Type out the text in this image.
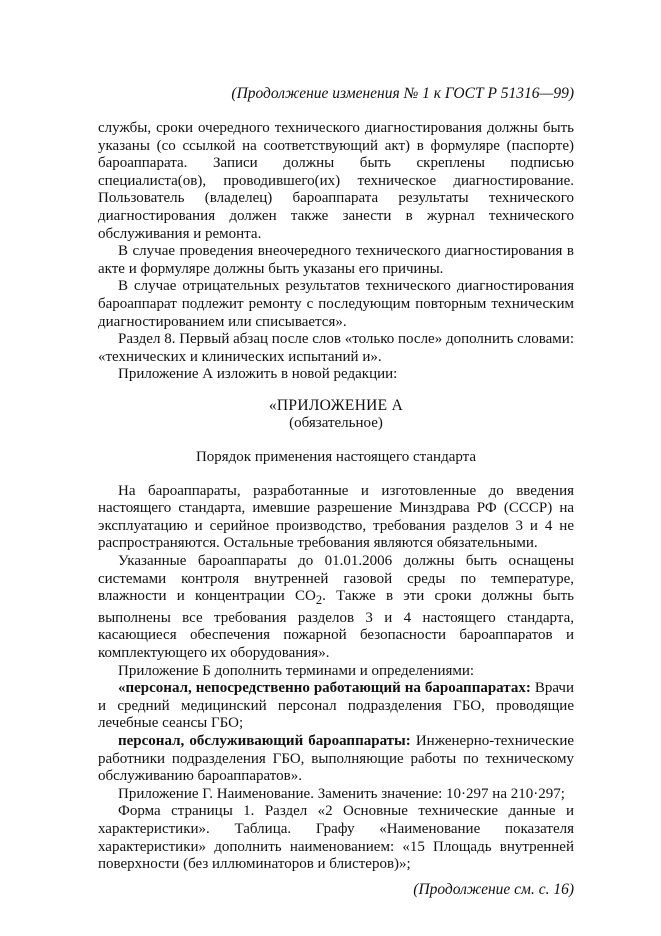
(Продолжение изменения № 1 к ГОСТ Р 51316—99)

службы, сроки очередного технического диагностирования должны быть указаны (со ссылкой на соответствующий акт) в формуляре (паспорте) бароаппарата. Записи должны быть скреплены подписью специалиста(ов), проводившего(их) техническое диагностирование. Пользователь (владелец) бароаппарата результаты технического диагностирования должен также занести в журнал технического обслуживания и ремонта.

В случае проведения внеочередного технического диагностирования в акте и формуляре должны быть указаны его причины.

В случае отрицательных результатов технического диагностирования бароаппарат подлежит ремонту с последующим повторным техническим диагностированием или списывается».

Раздел 8. Первый абзац после слов «только после» дополнить словами: «технических и клинических испытаний и».

Приложение А изложить в новой редакции:

«ПРИЛОЖЕНИЕ А

(обязательное)

Порядок применения настоящего стандарта

На бароаппараты, разработанные и изготовленные до введения настоящего стандарта, имевшие разрешение Минздрава РФ (СССР) на эксплуатацию и серийное производство, требования разделов 3 и 4 не распространяются. Остальные требования являются обязательными.

Указанные бароаппараты до 01.01.2006 должны быть оснащены системами контроля внутренней газовой среды по температуре, влажности и концентрации $СО_2$. Также в эти сроки должны быть выполнены все требования разделов 3 и 4 настоящего стандарта, касающиеся обеспечения пожарной безопасности бароаппаратов и комплектующего их оборудования».

Приложение Б дополнить терминами и определениями:

«персонал, непосредственно работающий на бароаппаратах: Врачи и средний медицинский персонал подразделения ГБО, проводящие лечебные сеансы ГБО;

персонал, обслуживающий бароаппараты: Инженерно-технические работники подразделения ГБО, выполняющие работы по техническому обслуживанию бароаппаратов».

Приложение Г. Наименование. Заменить значение: 10·297 на 210·297;

Форма страницы 1. Раздел «2 Основные технические данные и характеристики». Таблица. Графу «Наименование показателя характеристики» дополнить наименованием: «15 Площадь внутренней поверхности (без иллюминаторов и блистеров)»;

(Продолжение см. с. 16)
